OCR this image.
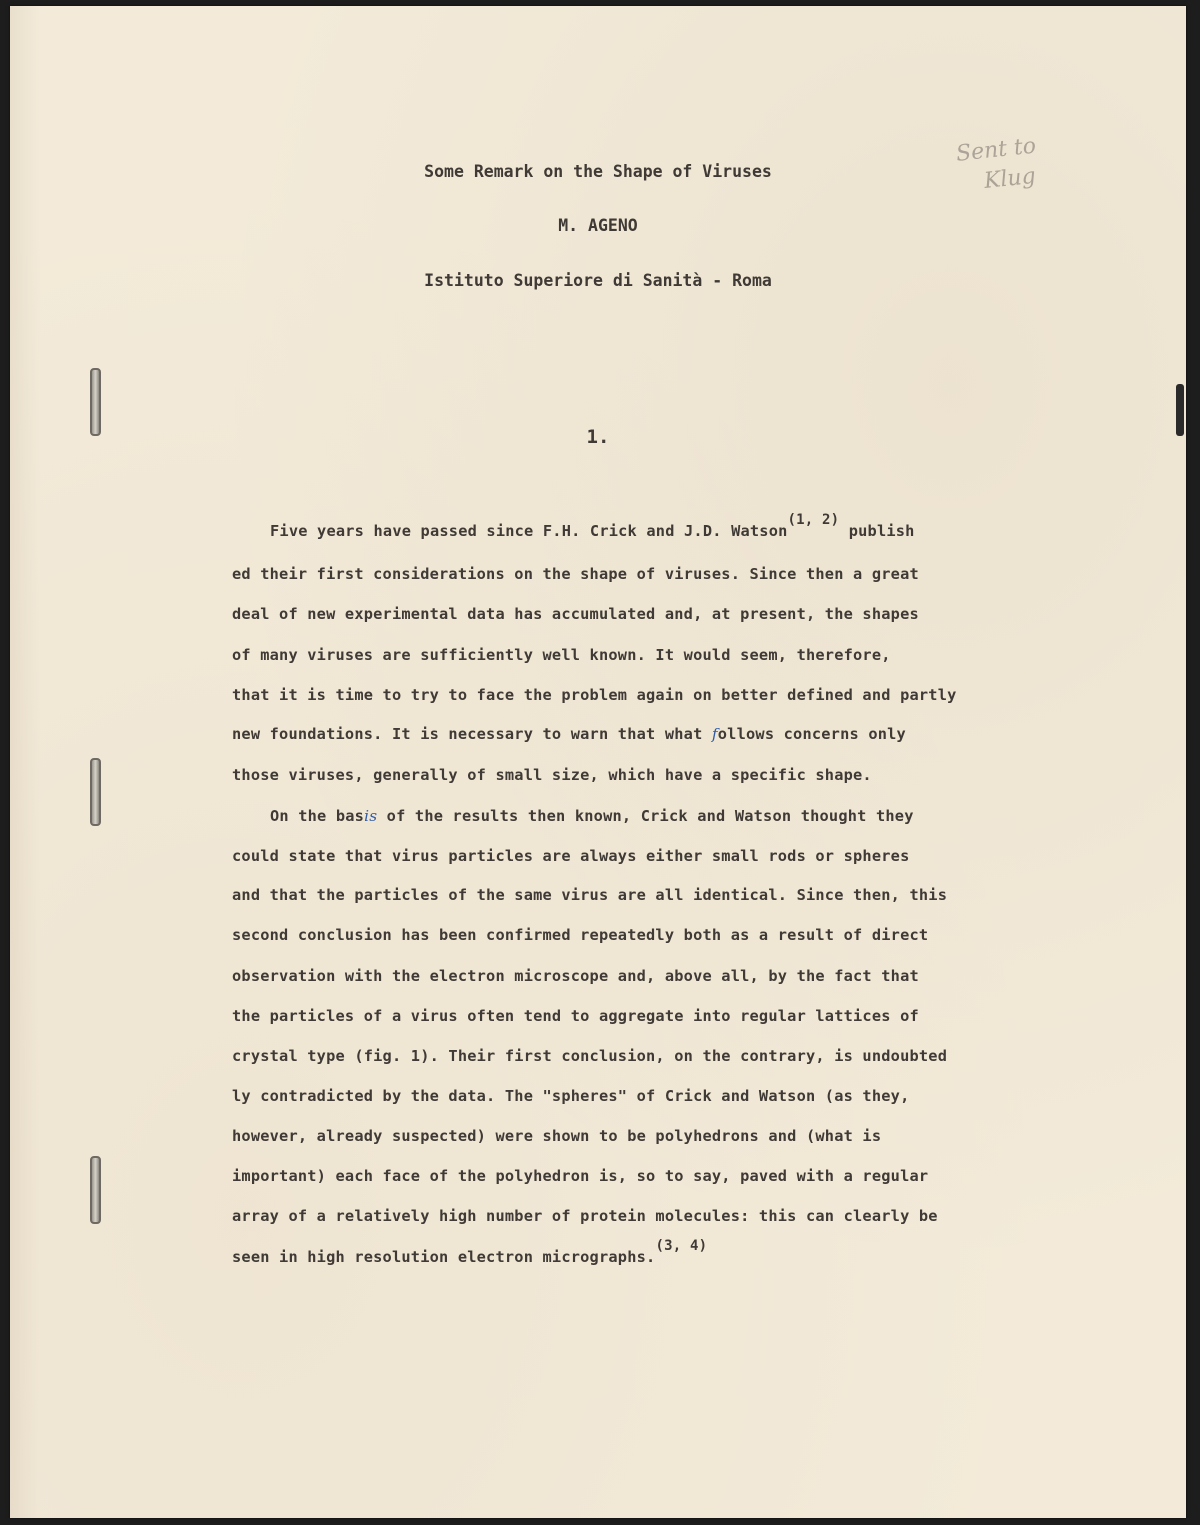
Sent to
Klug
Some Remark on the Shape of Viruses
M. AGENO
Istituto Superiore di Sanità - Roma
1.
Five years have passed since F.H. Crick and J.D. Watson(1, 2) publish
ed their first considerations on the shape of viruses. Since then a great
deal of new experimental data has accumulated and, at present, the shapes
of many viruses are sufficiently well known. It would seem, therefore,
that it is time to try to face the problem again on better defined and partly
new foundations. It is necessary to warn that what follows concerns only
those viruses, generally of small size, which have a specific shape.
On the basis of the results then known, Crick and Watson thought they
could state that virus particles are always either small rods or spheres
and that the particles of the same virus are all identical. Since then, this
second conclusion has been confirmed repeatedly both as a result of direct
observation with the electron microscope and, above all, by the fact that
the particles of a virus often tend to aggregate into regular lattices of
crystal type (fig. 1). Their first conclusion, on the contrary, is undoubted
ly contradicted by the data. The "spheres" of Crick and Watson (as they,
however, already suspected) were shown to be polyhedrons and (what is
important) each face of the polyhedron is, so to say, paved with a regular
array of a relatively high number of protein molecules: this can clearly be
seen in high resolution electron micrographs.(3, 4)
